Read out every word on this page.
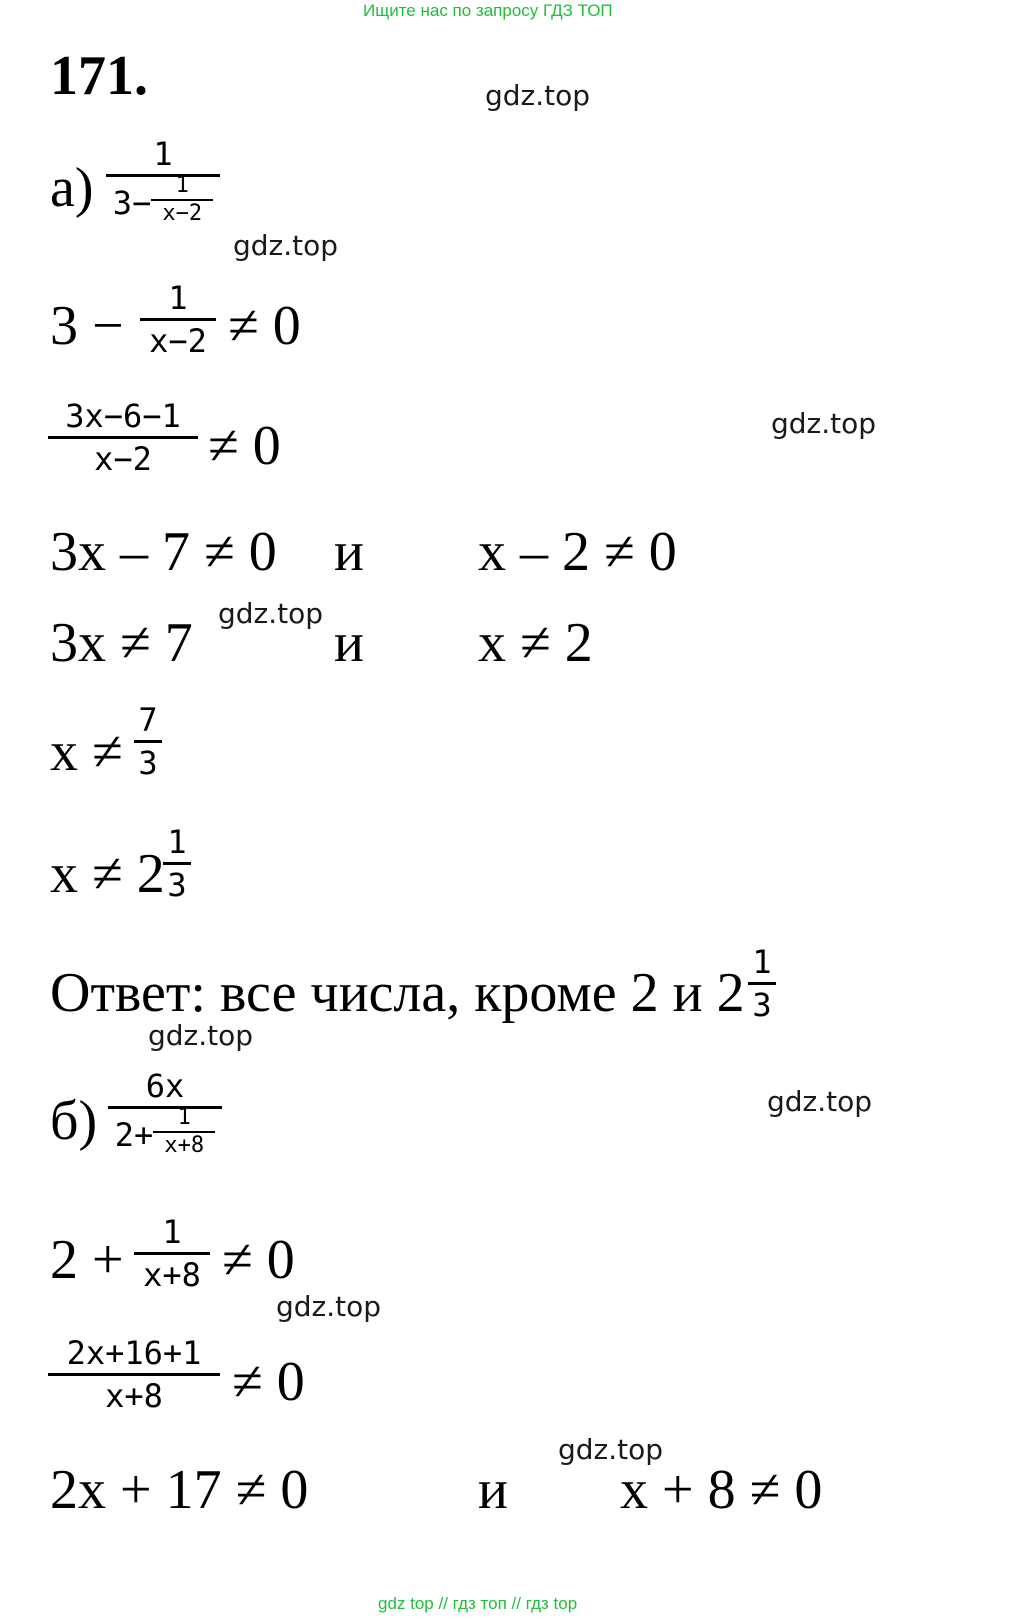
Ищите нас по запросу ГДЗ ТОП
gdz top // гдз топ // гдз top
gdz.top
gdz.top
gdz.top
gdz.top
gdz.top
gdz.top
gdz.top
gdz.top
171.
а)
1
$3- \frac{1}{x-2}$
3 −	1
x−2 ≠ 0
3x−6−1
x−2	≠ 0
3x – 7 ≠ 0 и x – 2 ≠ 0
3x ≠ 7	и x ≠ 2
x ≠
7
3
x ≠ 2
1
3
Ответ: все числа, кроме 2 и 2 1
3
б)
6x
$2+ \frac{1}{x+8}$
2 +	1
x+8 ≠ 0
2x+16+1
x+8	≠ 0
2x + 17 ≠ 0	и x + 8 ≠ 0
